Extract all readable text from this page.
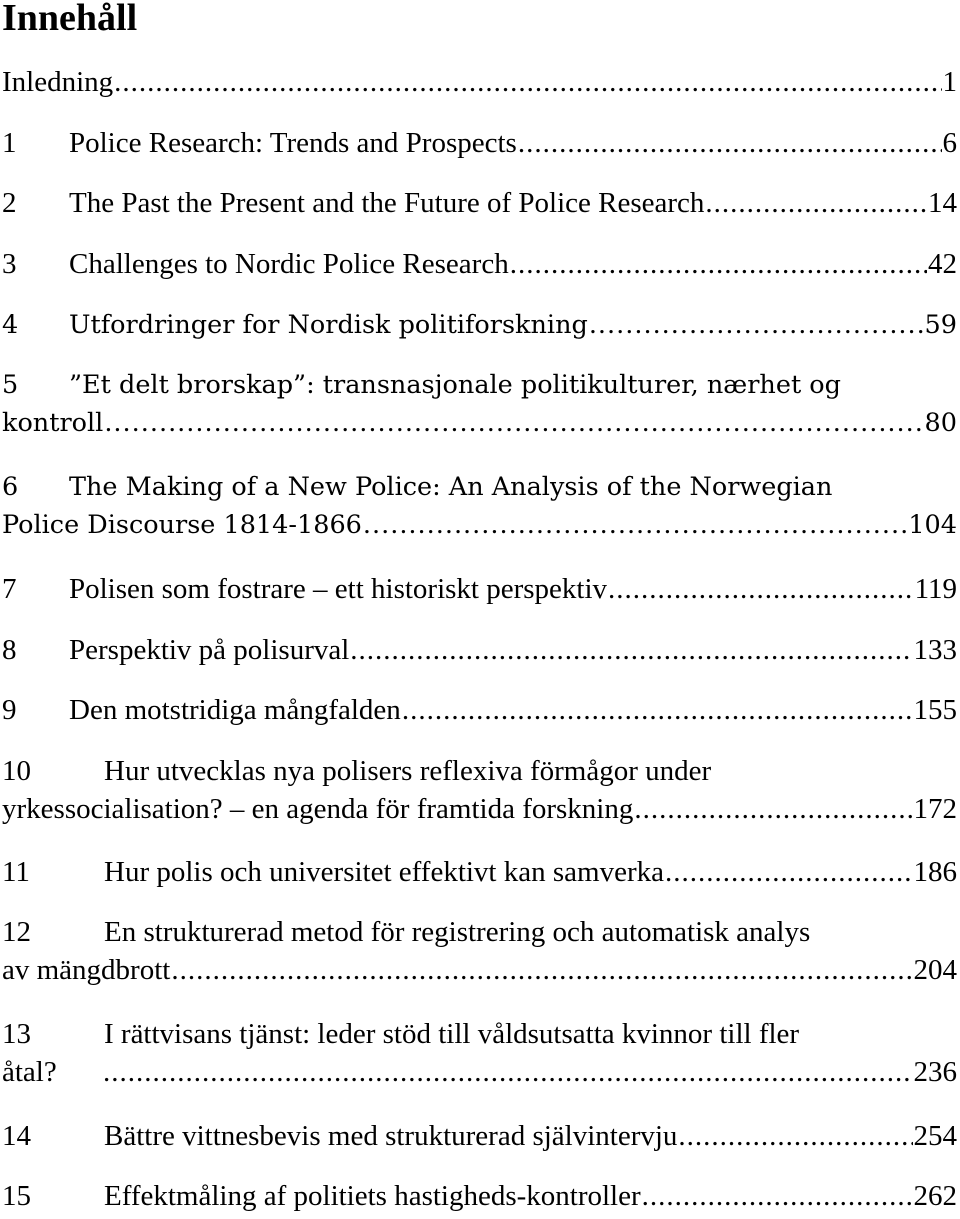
Innehåll
Inledning .....	1
1	Police Research: Trends and Prospects .....	6
2	The Past the Present and the Future of Police Research .....	14
3	Challenges to Nordic Police Research .....	42
4	Utfordringer for Nordisk politiforskning .....	59
5	”Et delt brorskap”: transnasjonale politikulturer, nærhet og
kontroll .....	80
6	The Making of a New Police: An Analysis of the Norwegian
Police Discourse 1814-1866 .....	104
7	Polisen som fostrare – ett historiskt perspektiv .....	119
8	Perspektiv på polisurval .....	133
9	Den motstridiga mångfalden .....	155
10	Hur utvecklas nya polisers reflexiva förmågor under
yrkessocialisation? – en agenda för framtida forskning .....	172
11	Hur polis och universitet effektivt kan samverka .....	186
12	En strukturerad metod för registrering och automatisk analys
av mängdbrott .....	204
13	I rättvisans tjänst: leder stöd till våldsutsatta kvinnor till fler
åtal? .....	236
14	Bättre vittnesbevis med strukturerad självintervju .....	254
15	Effektmåling af politiets hastigheds-kontroller .....	262
